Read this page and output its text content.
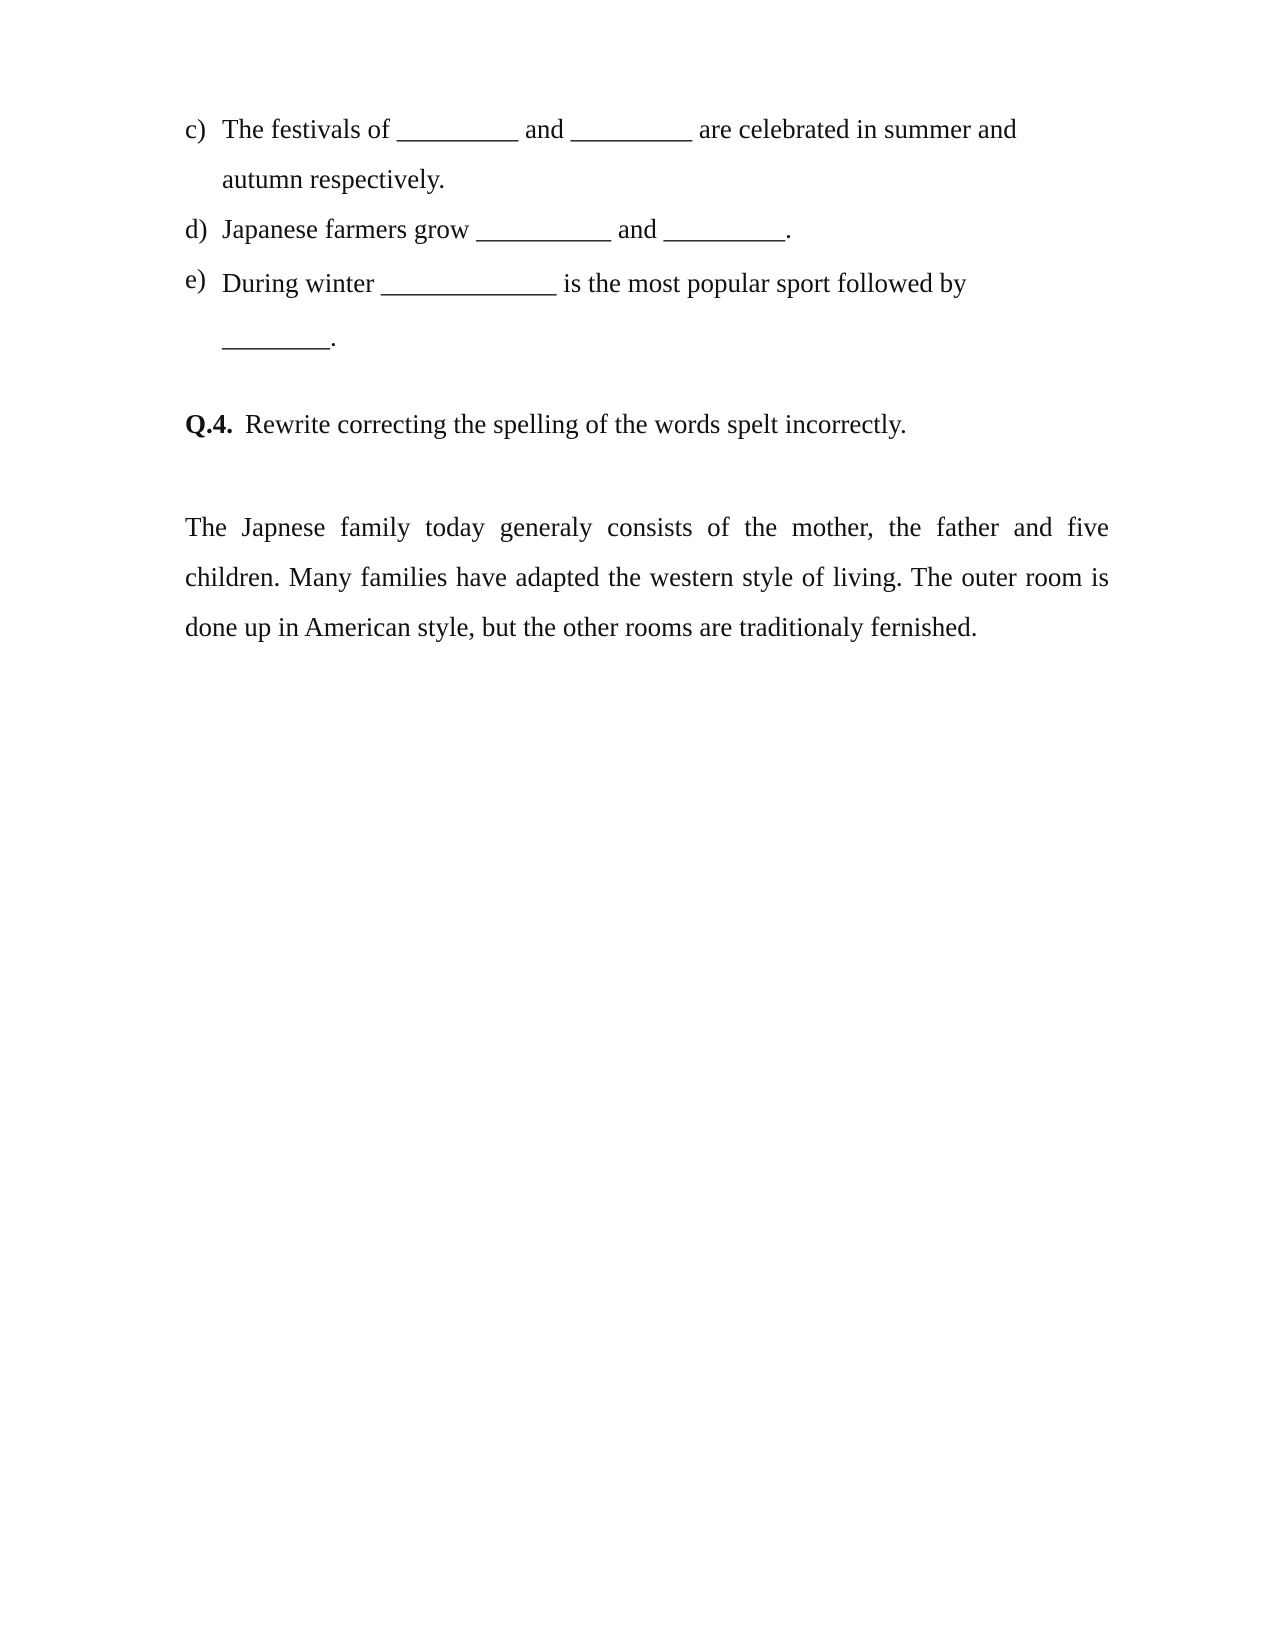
c) The festivals of _________ and _________ are celebrated in summer and
autumn respectively.
d) Japanese farmers grow __________ and _________.
e) During winter _____________ is the most popular sport followed by
________.
Q.4. Rewrite correcting the spelling of the words spelt incorrectly.

The Japnese family today generaly consists of the mother, the father and five children. Many families have adapted the western style of living. The outer room is done up in American style, but the other rooms are traditionaly fernished.
